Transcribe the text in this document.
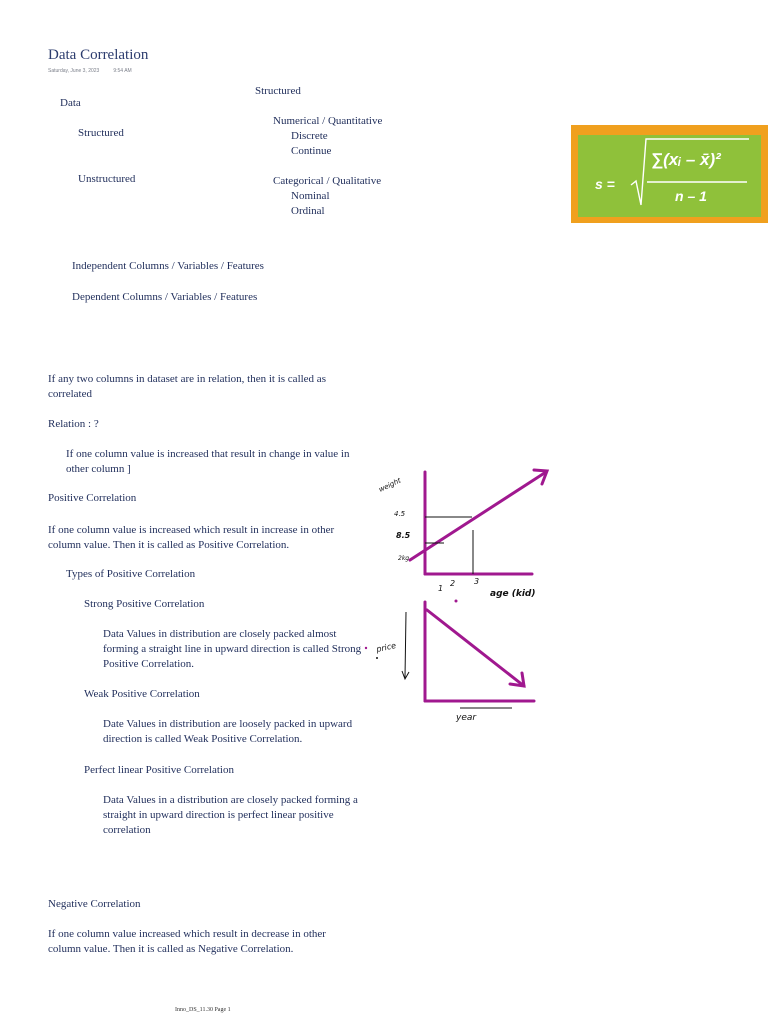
Data Correlation
Saturday, June 3, 2023	9:54 AM
Structured
Data
Numerical / Quantitative
Structured	Discrete
Continue
Unstructured	Categorical / Qualitative
Nominal
Ordinal
Independent Columns / Variables / Features
Dependent Columns / Variables / Features
If any two columns in dataset are in relation, then it is called as correlated
Relation : ?
If one column value is increased that result in change in value in other column ]
Positive Correlation
If one column value is increased which result in increase in other column value. Then it is called as Positive Correlation.
Types of Positive Correlation
Strong Positive Correlation
Data Values in distribution are closely packed almost forming a straight line in upward direction is called Strong Positive Correlation.
Weak Positive Correlation
Date Values in distribution are loosely packed in upward direction is called Weak Positive Correlation.
Perfect linear Positive Correlation
Data Values in a distribution are closely packed forming a straight in upward direction is perfect linear positive correlation
Negative Correlation
If one column value increased which result in decrease in other column value. Then it is called as Negative Correlation.
s =
∑(xᵢ – x̄)²
n – 1
weight
4.5
8.5
2kg
1
2 3
age (kid)
price
year
Inno_DS_11.30 Page 1
